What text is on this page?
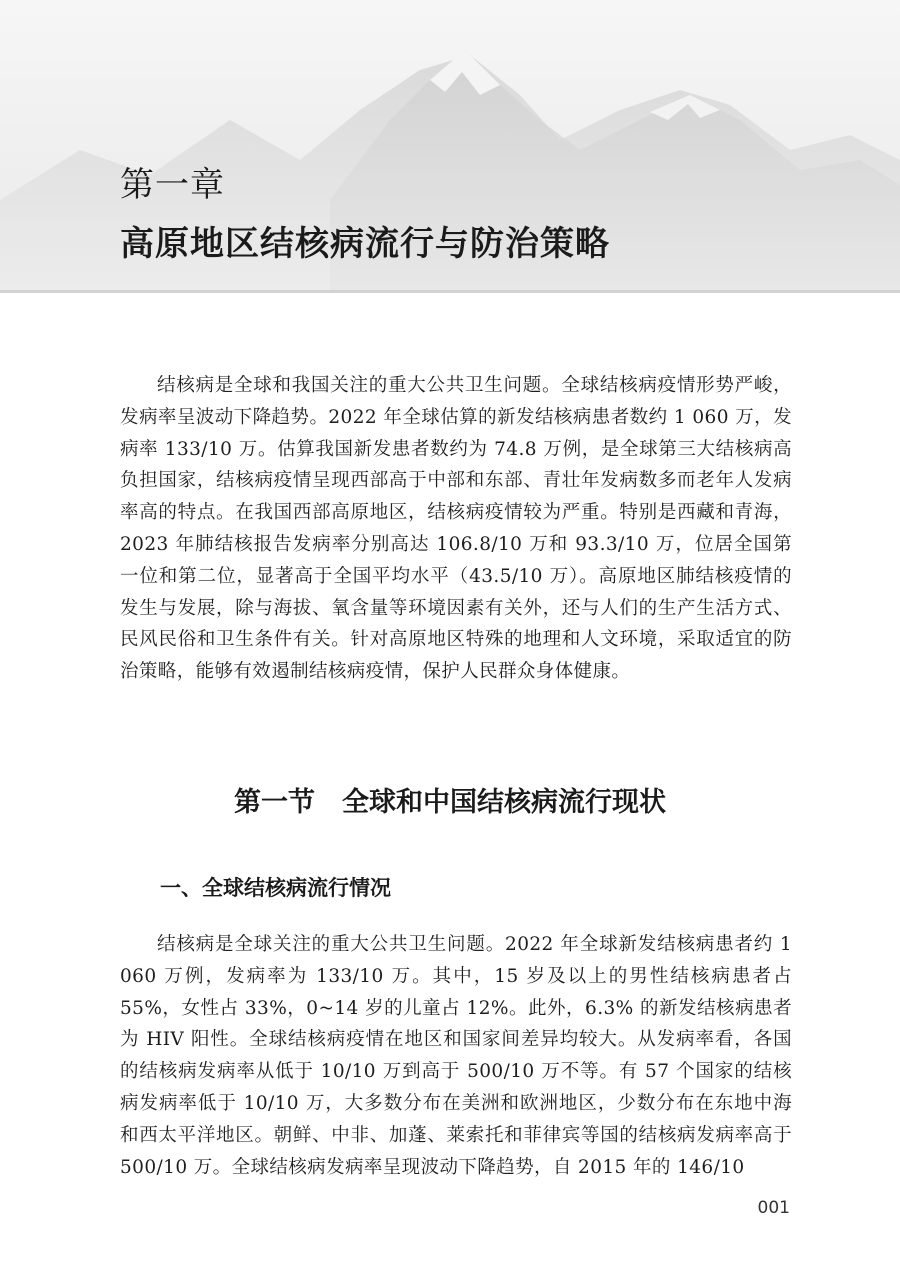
第一章
高原地区结核病流行与防治策略

结核病是全球和我国关注的重大公共卫生问题。全球结核病疫情形势严峻，发病率呈波动下降趋势。2022 年全球估算的新发结核病患者数约 1 060 万，发病率 133/10 万。估算我国新发患者数约为 74.8 万例，是全球第三大结核病高负担国家，结核病疫情呈现西部高于中部和东部、青壮年发病数多而老年人发病率高的特点。在我国西部高原地区，结核病疫情较为严重。特别是西藏和青海，2023 年肺结核报告发病率分别高达 106.8/10 万和 93.3/10 万，位居全国第一位和第二位，显著高于全国平均水平（43.5/10 万）。高原地区肺结核疫情的发生与发展，除与海拔、氧含量等环境因素有关外，还与人们的生产生活方式、民风民俗和卫生条件有关。针对高原地区特殊的地理和人文环境，采取适宜的防治策略，能够有效遏制结核病疫情，保护人民群众身体健康。

第一节　全球和中国结核病流行现状
一、全球结核病流行情况

结核病是全球关注的重大公共卫生问题。2022 年全球新发结核病患者约 1 060 万例，发病率为 133/10 万。其中，15 岁及以上的男性结核病患者占 55%，女性占 33%，0~14 岁的儿童占 12%。此外，6.3% 的新发结核病患者为 HIV 阳性。全球结核病疫情在地区和国家间差异均较大。从发病率看，各国的结核病发病率从低于 10/10 万到高于 500/10 万不等。有 57 个国家的结核病发病率低于 10/10 万，大多数分布在美洲和欧洲地区，少数分布在东地中海和西太平洋地区。朝鲜、中非、加蓬、莱索托和菲律宾等国的结核病发病率高于 500/10 万。全球结核病发病率呈现波动下降趋势，自 2015 年的 146/10

001
